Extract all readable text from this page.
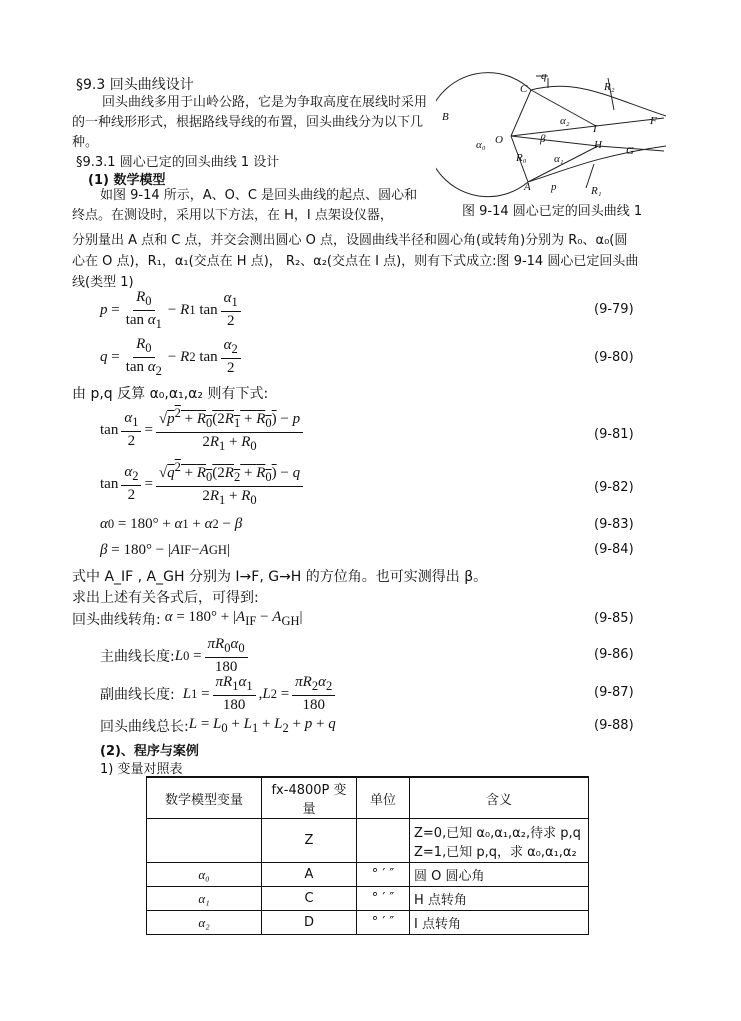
§9.3 回头曲线设计
回头曲线多用于山岭公路，它是为争取高度在展线时采用的一种线形形式，根据路线导线的布置，回头曲线分为以下几种。
§9.3.1 圆心已定的回头曲线 1 设计
(1) 数学模型
如图 9-14 所示，A、O、C 是回头曲线的起点、圆心和终点。在测设时，采用以下方法，在 H，I 点架设仪器，
分别量出 A 点和 C 点，并交会测出圆心 O 点，设圆曲线半径和圆心角(或转角)分别为 R₀、α₀(圆
心在 O 点)，R₁，α₁(交点在 H 点)， R₂、α₂(交点在 I 点)，则有下式成立:图 9-14 圆心已定回头曲
线(类型 1)
q
C	R₂
α₂
I
F
B
β
O
α₀
R₀
H G
α₁
A p	R₁
图 9-14 圆心已定的回头曲线 1
$p = \frac{R_0}{\tan \alpha_1} - R$ 1 $\tan \frac{\alpha_1}{2}$	(9-79)
$q = \frac{R_0}{\tan \alpha_2} - R$ 2 $\tan \frac{\alpha_2}{2}$	(9-80)
由 p,q 反算 α₀,α₁,α₂ 则有下式:
$\tan \frac{\alpha_1}{2} = \frac{√p^2 + R_0(2R_1 + R_0) - p}{2R_1 + R_0}$	(9-81)
$\tan \frac{\alpha_2}{2} = \frac{√q^2 + R_0(2R_2 + R_0) - q}{2R_1 + R_0}$	(9-82)
α 0 = 180° + α 1 + α 2 − β	(9-83)
β = 180° − | A IF − A GH |	(9-84)
式中 A_IF , A_GH 分别为 I→F, G→H 的方位角。也可实测得出 β。
求出上述有关各式后，可得到:
回头曲线转角: $\alpha = 180^\circ + |A_{IF} - A_{GH}|$	(9-85)
主曲线长度: L $0 = \frac{\pi R_0\alpha_0}{180}$	(9-86)
副曲线长度: L $1 = \frac{\pi R_1\alpha_1}{180}$ , L $2 = \frac{\pi R_2\alpha_2}{180}$	(9-87)
回头曲线总长: $L = L_0 + L_1 + L_2 + p + q$	(9-88)
(2)、程序与案例
1) 变量对照表
数学模型变量	fx-4800P 变量	单位	含义
	Z		Z=0,已知 α₀,α₁,α₂,待求 p,q
Z=1,已知 p,q，求 α₀,α₁,α₂

α₀	A	° ′ ″	圆 O 圆心角
α₁	C	° ′ ″	H 点转角
α₂	D	° ′ ″	I 点转角
